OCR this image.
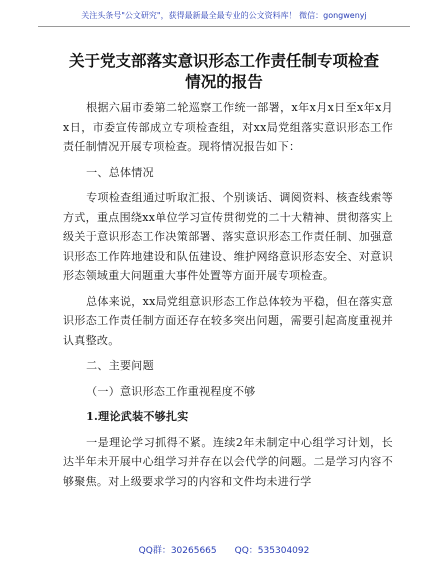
关注头条号"公文研究"，获得最新最全最专业的公文资料库！ 微信：gongwenyj
关于党支部落实意识形态工作责任制专项检查
情况的报告

根据六届市委第二轮巡察工作统一部署，x年x月x日至x年x月x日，市委宣传部成立专项检查组，对xx局党组落实意识形态工作责任制情况开展专项检查。现将情况报告如下：

一、总体情况

专项检查组通过听取汇报、个别谈话、调阅资料、核查线索等方式，重点围绕xx单位学习宣传贯彻党的二十大精神、贯彻落实上级关于意识形态工作决策部署、落实意识形态工作责任制、加强意识形态工作阵地建设和队伍建设、维护网络意识形态安全、对意识形态领域重大问题重大事件处置等方面开展专项检查。

总体来说，xx局党组意识形态工作总体较为平稳，但在落实意识形态工作责任制方面还存在较多突出问题，需要引起高度重视并认真整改。

二、主要问题

（一）意识形态工作重视程度不够

1.理论武装不够扎实

一是理论学习抓得不紧。连续2年未制定中心组学习计划，长达半年未开展中心组学习并存在以会代学的问题。二是学习内容不够聚焦。对上级要求学习的内容和文件均未进行学

QQ群：30265665 QQ：535304092
